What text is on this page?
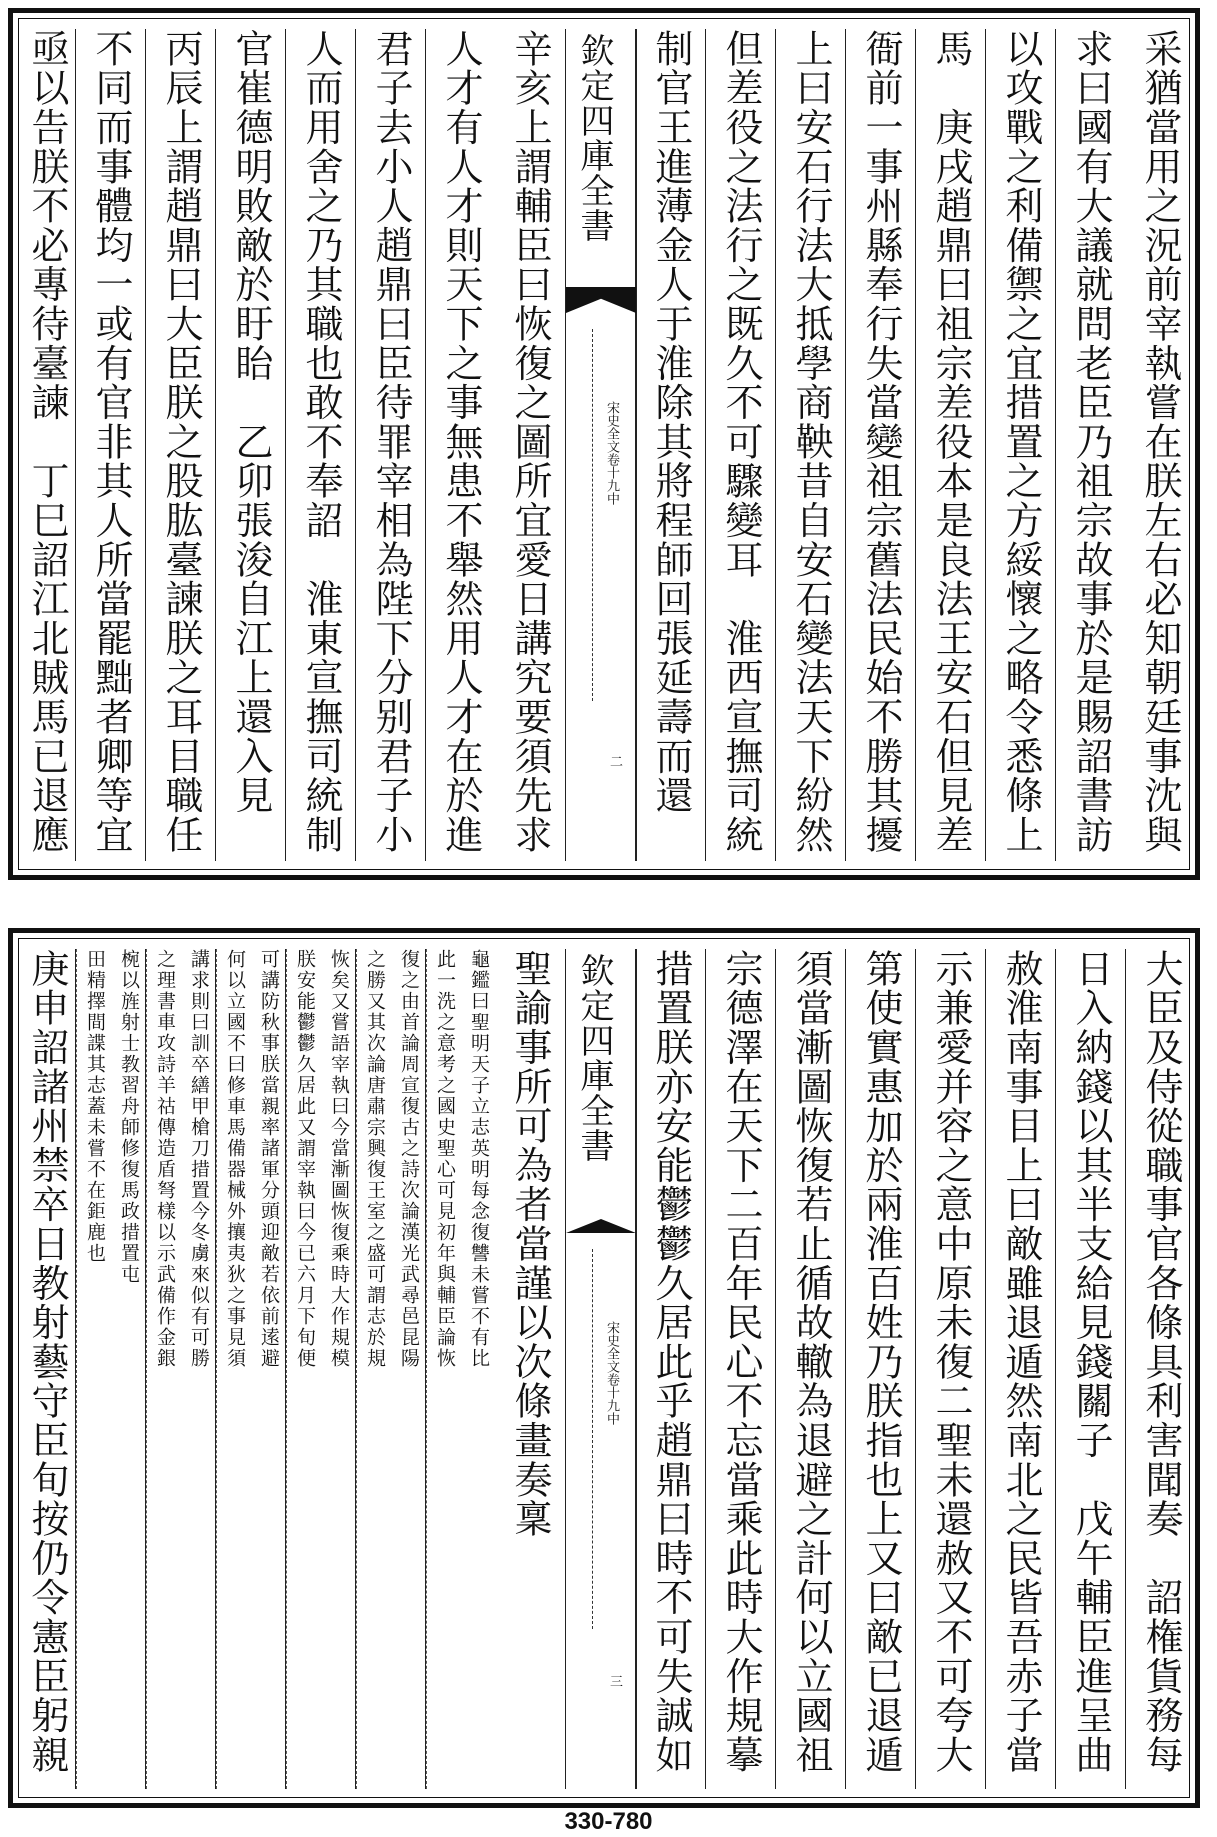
采猶當用之況前宰執嘗在朕左右必知朝廷事沈與
求曰國有大議就問老臣乃祖宗故事於是賜詔書訪
以攻戰之利備禦之宜措置之方綏懷之略令悉條上
馬　庚戌趙鼎曰祖宗差役本是良法王安石但見差
衙前一事州縣奉行失當變祖宗舊法民始不勝其擾
上曰安石行法大抵學商鞅昔自安石變法天下紛然
但差役之法行之既久不可驟變耳　淮西宣撫司統
制官王進薄金人于淮除其將程師回張延壽而還
欽定四庫全書
宋史全文卷十九中
二
辛亥上謂輔臣曰恢復之圖所宜愛日講究要須先求
人才有人才則天下之事無患不舉然用人才在於進
君子去小人趙鼎曰臣待罪宰相為陛下分别君子小
人而用舍之乃其職也敢不奉詔　淮東宣撫司統制
官崔德明敗敵於盱眙　乙卯張浚自江上還入見
丙辰上謂趙鼎曰大臣朕之股肱臺諫朕之耳目職任
不同而事體均一或有官非其人所當罷黜者卿等宜
亟以告朕不必專待臺諫　丁巳詔江北賊馬已退應
大臣及侍從職事官各條具利害聞奏　詔権貨務每
日入納錢以其半支給見錢關子　戊午輔臣進呈曲
赦淮南事目上曰敵雖退遁然南北之民皆吾赤子當
示兼愛并容之意中原未復二聖未還赦又不可夸大
第使實惠加於兩淮百姓乃朕指也上又曰敵已退遁
須當漸圖恢復若止循故轍為退避之計何以立國祖
宗德澤在天下二百年民心不忘當乘此時大作規摹
措置朕亦安能鬱鬱久居此乎趙鼎曰時不可失誠如
欽定四庫全書
宋史全文卷十九中
三
聖諭事所可為者當謹以次條畫奏稟
龜鑑曰聖明天子立志英明每念復讐未嘗不有比
此一洗之意考之國史聖心可見初年與輔臣論恢
復之由首論周宣復古之詩次論漢光武尋邑昆陽
之勝又其次論唐肅宗興復王室之盛可謂志於規
恢矣又嘗語宰執曰今當漸圖恢復乘時大作規模
朕安能鬱鬱久居此又謂宰執曰今已六月下旬便
可講防秋事朕當親率諸軍分頭迎敵若依前逺避
何以立國不曰修車馬備器械外攘夷狄之事見須
講求則曰訓卒繕甲槍刀措置今冬虜來似有可勝
之理書車攻詩羊祜傳造盾弩樣以示武備作金銀
椀以旌射士教習舟師修復馬政措置屯
田精擇間諜其志蓋未嘗不在鉅鹿也
庚申詔諸州禁卒日教射藝守臣旬按仍令憲臣躬親
330-780
